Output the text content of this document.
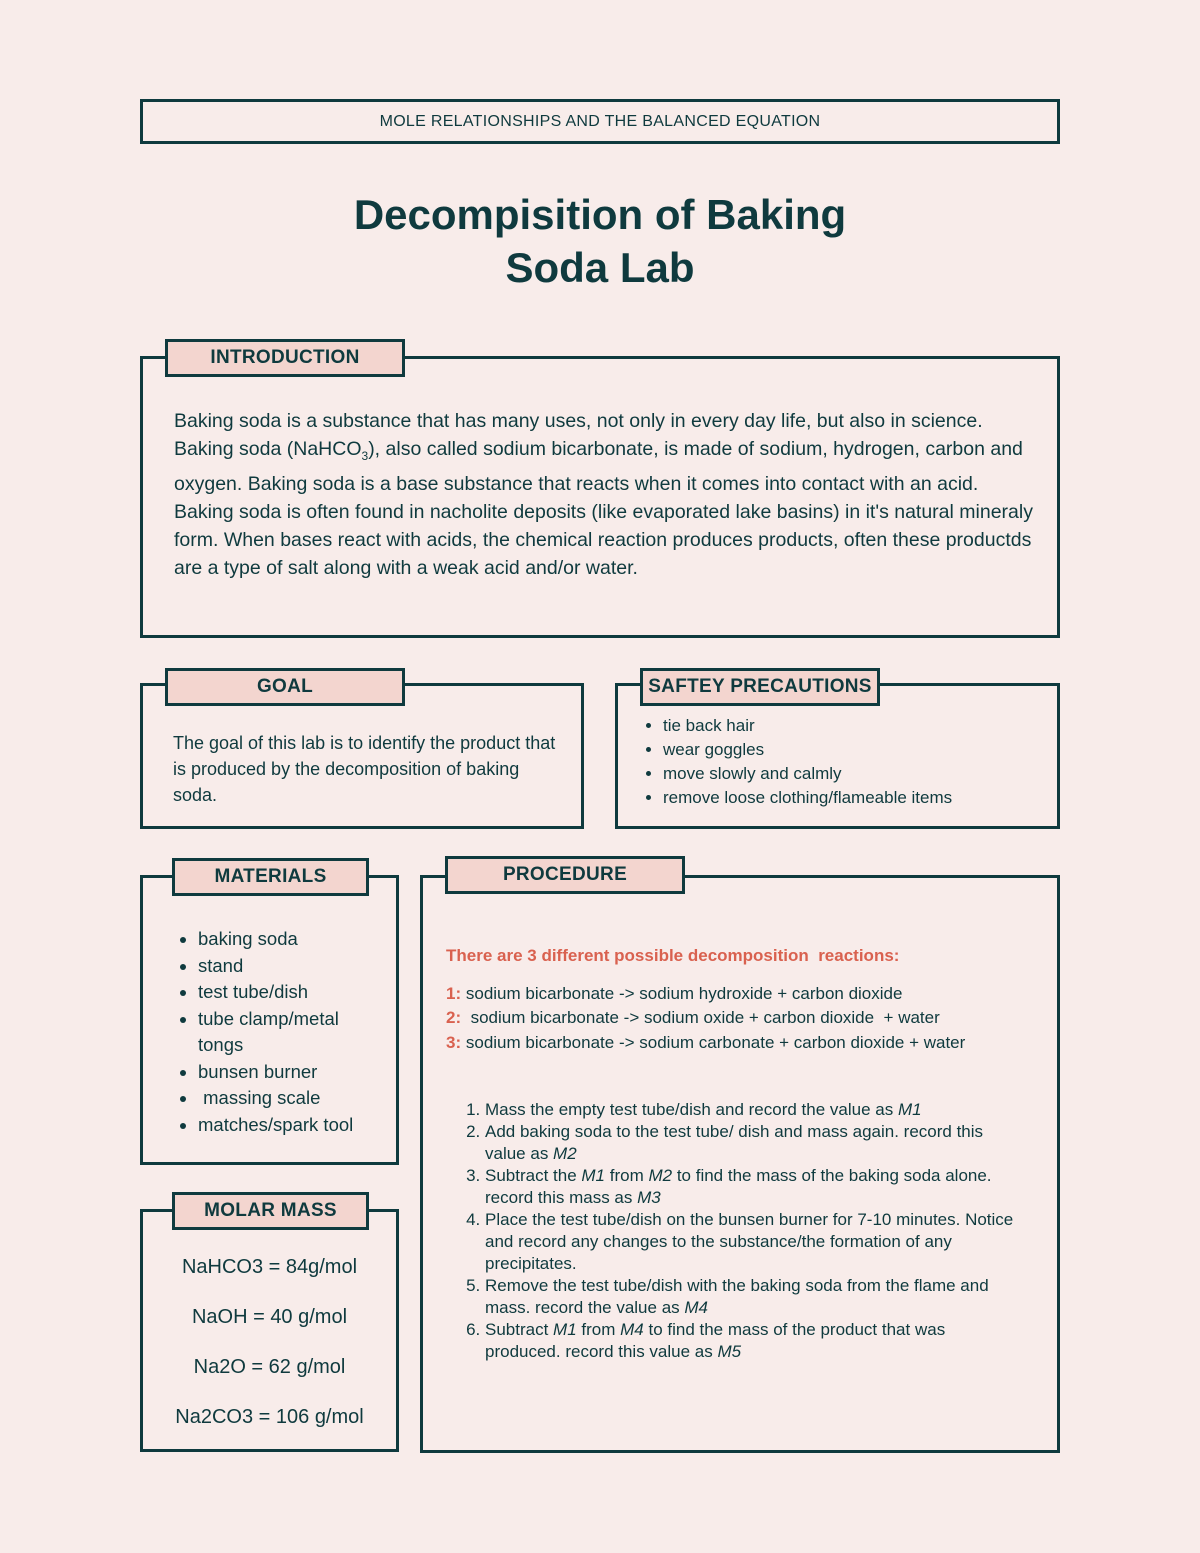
MOLE RELATIONSHIPS AND THE BALANCED EQUATION
Decompisition of Baking
Soda Lab
Baking soda is a substance that has many uses, not only in every day life, but also in science. Baking soda (NaHCO$_3$), also called sodium bicarbonate, is made of sodium, hydrogen, carbon and oxygen. Baking soda is a base substance that reacts when it comes into contact with an acid. Baking soda is often found in nacholite deposits (like evaporated lake basins) in it's natural mineraly form. When bases react with acids, the chemical reaction produces products, often these productds are a type of salt along with a weak acid and/or water.
INTRODUCTION
The goal of this lab is to identify the product that is produced by the decomposition of baking soda.
GOAL
• tie back hair
• wear goggles
• move slowly and calmly
• remove loose clothing/flameable items
SAFTEY PRECAUTIONS
• baking soda
• stand
• test tube/dish
• tube clamp/metal tongs
• bunsen burner
•  massing scale
• matches/spark tool
MATERIALS
NaHCO3 = 84g/mol
NaOH = 40 g/mol
Na2O = 62 g/mol
Na2CO3 = 106 g/mol
MOLAR MASS
There are 3 different possible decomposition  reactions:
1: sodium bicarbonate -> sodium hydroxide + carbon dioxide
2: sodium bicarbonate -> sodium oxide + carbon dioxide  + water
3: sodium bicarbonate -> sodium carbonate + carbon dioxide + water
1. Mass the empty test tube/dish and record the value as M1
2. Add baking soda to the test tube/ dish and mass again. record this value as M2
3. Subtract the M1 from M2 to find the mass of the baking soda alone. record this mass as M3
4. Place the test tube/dish on the bunsen burner for 7-10 minutes. Notice and record any changes to the substance/the formation of any precipitates.
5. Remove the test tube/dish with the baking soda from the flame and mass. record the value as M4
6. Subtract M1 from M4 to find the mass of the product that was produced. record this value as M5
PROCEDURE
